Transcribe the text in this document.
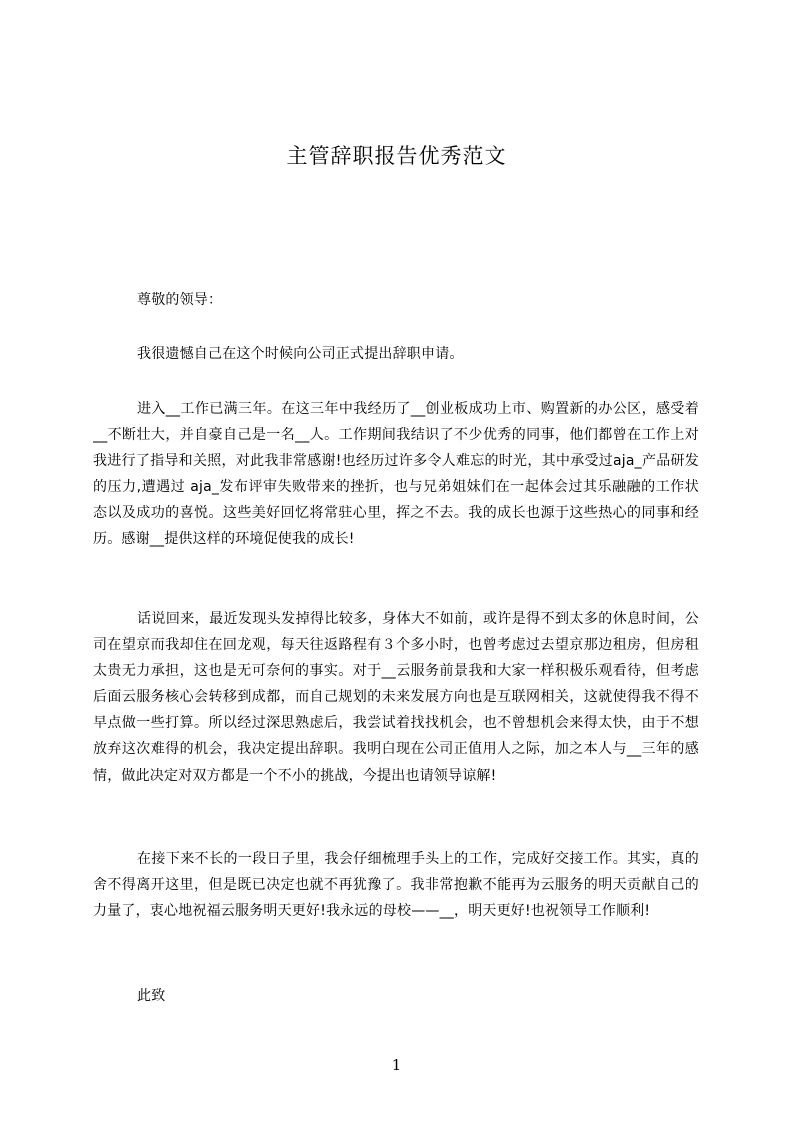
主管辞职报告优秀范文
尊敬的领导：
我很遗憾自己在这个时候向公司正式提出辞职申请。
进入__工作已满三年。在这三年中我经历了__创业板成功上市、购置新的办公区，感受着__不断壮大，并自豪自己是一名__人。工作期间我结识了不少优秀的同事，他们都曾在工作上对我进行了指导和关照，对此我非常感谢!也经历过许多令人难忘的时光，其中承受过aja_产品研发的压力,遭遇过 aja_发布评审失败带来的挫折，也与兄弟姐妹们在一起体会过其乐融融的工作状态以及成功的喜悦。这些美好回忆将常驻心里，挥之不去。我的成长也源于这些热心的同事和经历。感谢__提供这样的环境促使我的成长!
话说回来，最近发现头发掉得比较多，身体大不如前，或许是得不到太多的休息时间，公司在望京而我却住在回龙观，每天往返路程有３个多小时，也曾考虑过去望京那边租房，但房租太贵无力承担，这也是无可奈何的事实。对于__云服务前景我和大家一样积极乐观看待，但考虑后面云服务核心会转移到成都，而自己规划的未来发展方向也是互联网相关，这就使得我不得不早点做一些打算。所以经过深思熟虑后，我尝试着找找机会，也不曾想机会来得太快，由于不想放弃这次难得的机会，我决定提出辞职。我明白现在公司正值用人之际，加之本人与__三年的感情，做此决定对双方都是一个不小的挑战，今提出也请领导谅解!
在接下来不长的一段日子里，我会仔细梳理手头上的工作，完成好交接工作。其实，真的舍不得离开这里，但是既已决定也就不再犹豫了。我非常抱歉不能再为云服务的明天贡献自己的力量了，衷心地祝福云服务明天更好!我永远的母校——__，明天更好!也祝领导工作顺利!
此致
1
